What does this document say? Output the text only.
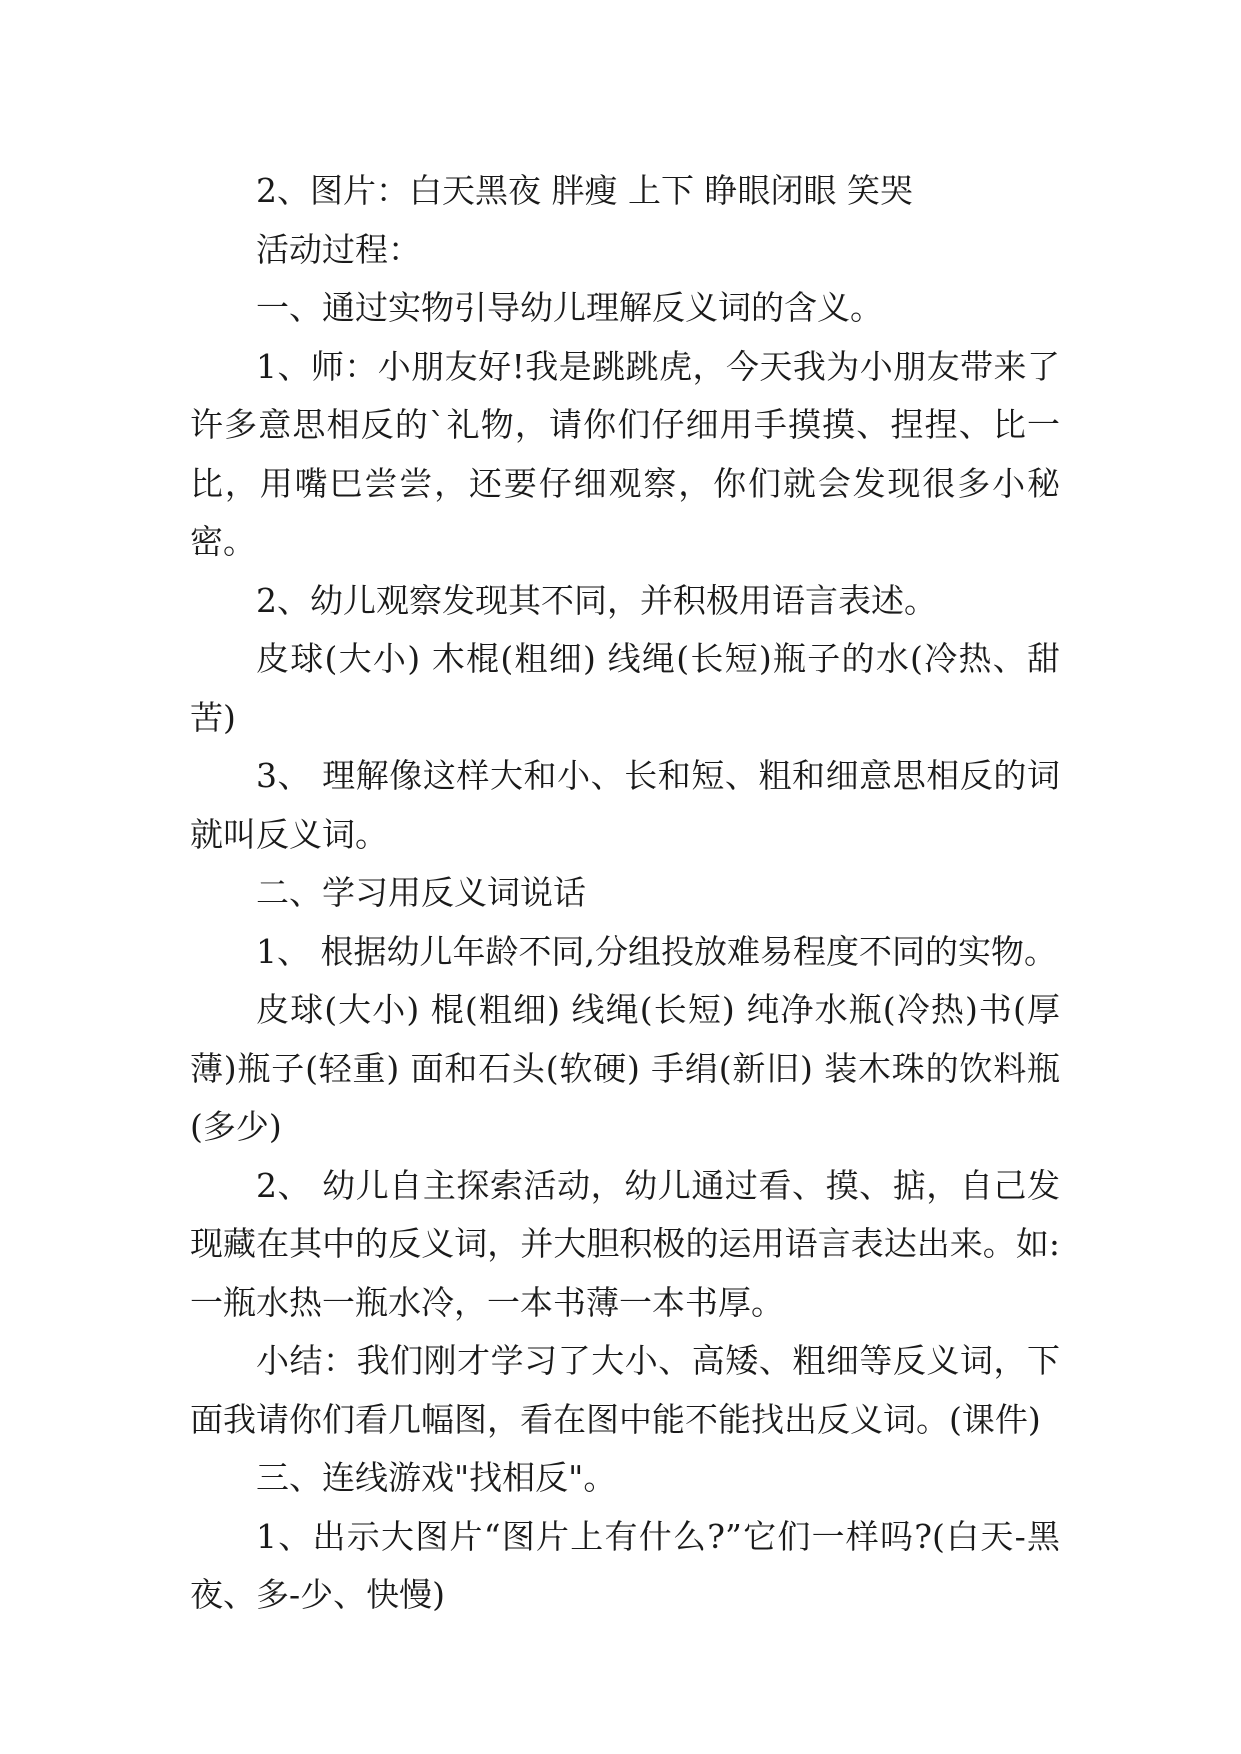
2、图片：白天黑夜 胖瘦 上下 睁眼闭眼 笑哭

活动过程：

一、通过实物引导幼儿理解反义词的含义。

1、师：小朋友好!我是跳跳虎，今天我为小朋友带来了许多意思相反的`礼物，请你们仔细用手摸摸、捏捏、比一比，用嘴巴尝尝，还要仔细观察，你们就会发现很多小秘密。

2、幼儿观察发现其不同，并积极用语言表述。

皮球(大小) 木棍(粗细) 线绳(长短)瓶子的水(冷热、甜苦)

3、 理解像这样大和小、长和短、粗和细意思相反的词就叫反义词。

二、学习用反义词说话

1、 根据幼儿年龄不同,分组投放难易程度不同的实物。

皮球(大小) 棍(粗细) 线绳(长短) 纯净水瓶(冷热)书(厚薄)瓶子(轻重) 面和石头(软硬) 手绢(新旧) 装木珠的饮料瓶(多少)

2、 幼儿自主探索活动，幼儿通过看、摸、掂，自己发现藏在其中的反义词，并大胆积极的运用语言表达出来。如:一瓶水热一瓶水冷，一本书薄一本书厚。

小结：我们刚才学习了大小、高矮、粗细等反义词，下面我请你们看几幅图，看在图中能不能找出反义词。(课件)

三、连线游戏"找相反"。

1、出示大图片“图片上有什么?”它们一样吗?(白天-黑夜、多-少、快慢)
